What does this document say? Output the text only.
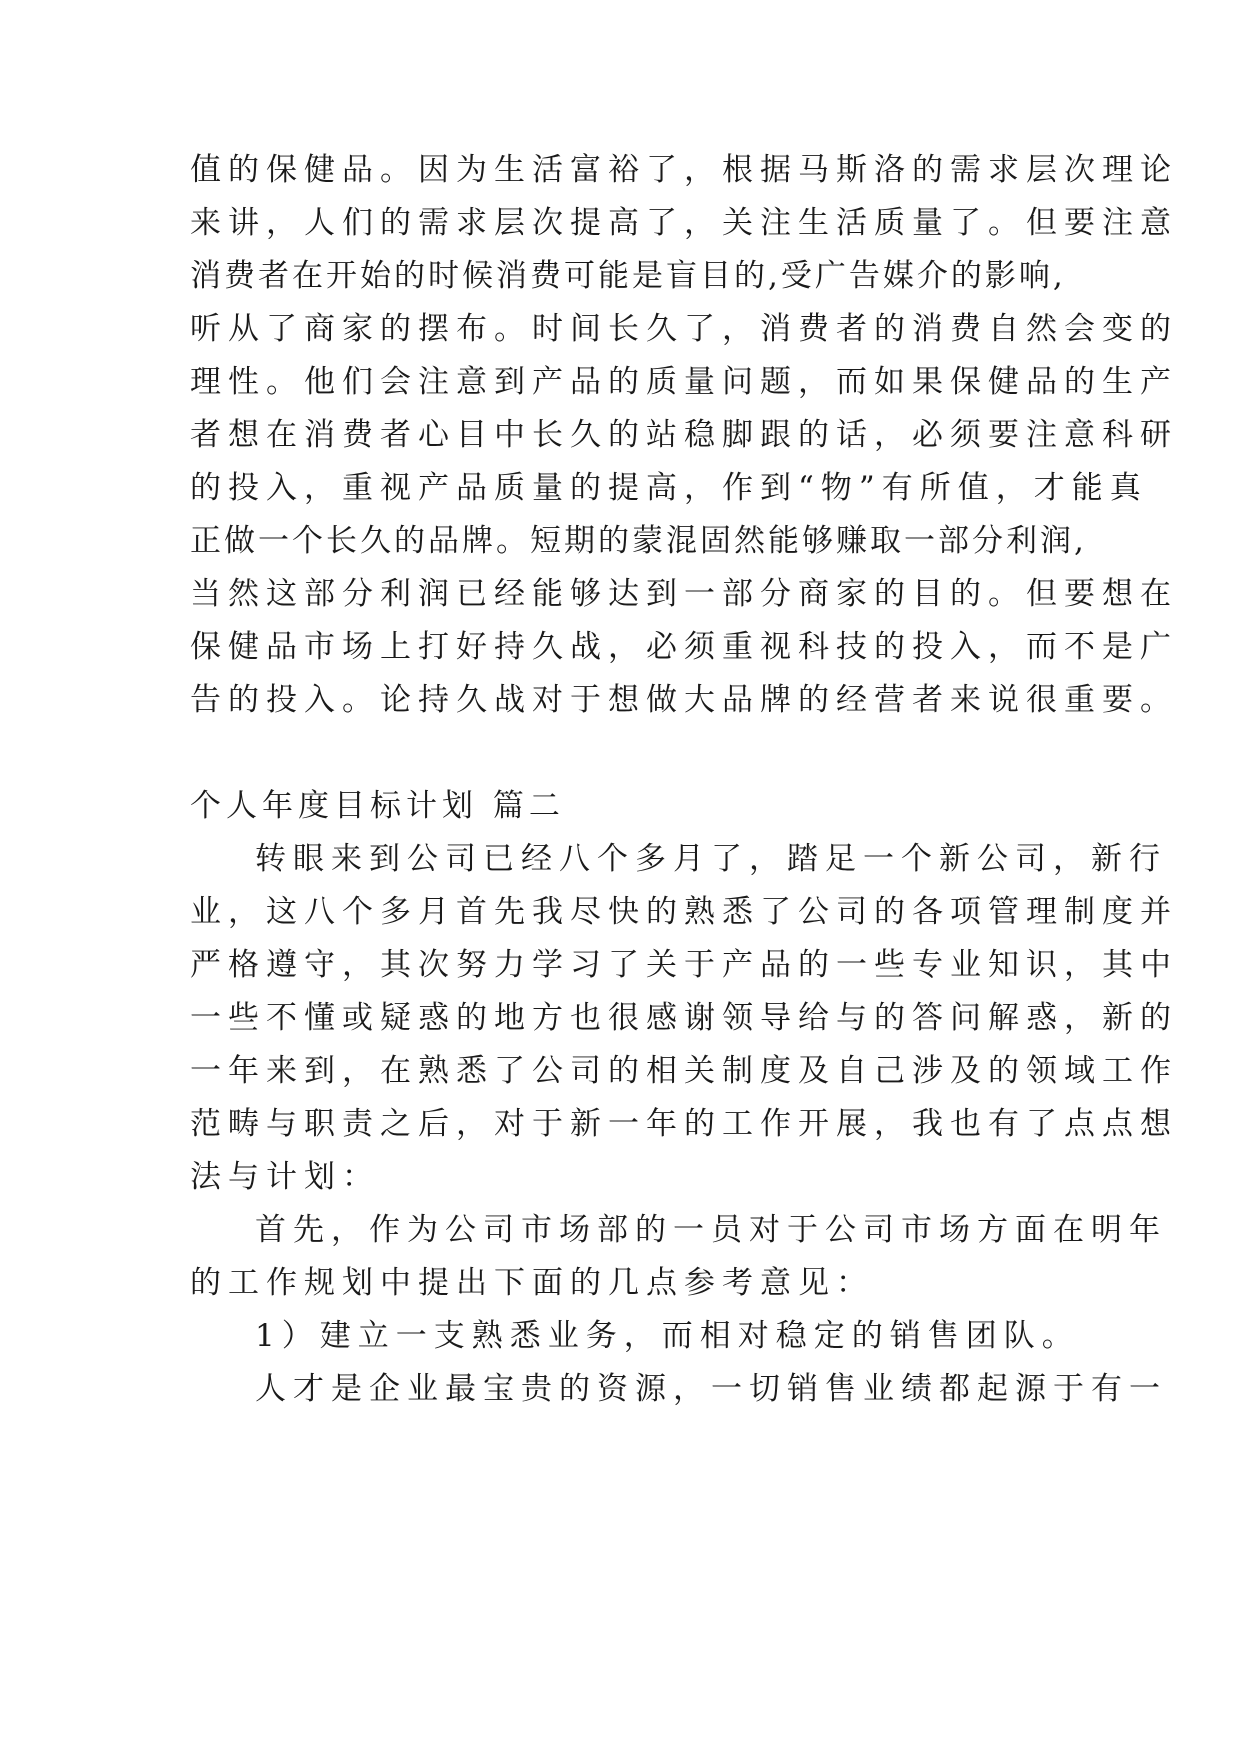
值的保健品。因为生活富裕了，根据马斯洛的需求层次理论
来讲，人们的需求层次提高了，关注生活质量了。但要注意
消费者在开始的时候消费可能是盲目的,受广告媒介的影响,
听从了商家的摆布。时间长久了，消费者的消费自然会变的
理性。他们会注意到产品的质量问题，而如果保健品的生产
者想在消费者心目中长久的站稳脚跟的话，必须要注意科研
的投入，重视产品质量的提高，作到“物”有所值，才能真
正做一个长久的品牌。短期的蒙混固然能够赚取一部分利润,
当然这部分利润已经能够达到一部分商家的目的。但要想在
保健品市场上打好持久战，必须重视科技的投入，而不是广
告的投入。论持久战对于想做大品牌的经营者来说很重要。
个人年度目标计划 篇二
转眼来到公司已经八个多月了，踏足一个新公司，新行
业，这八个多月首先我尽快的熟悉了公司的各项管理制度并
严格遵守，其次努力学习了关于产品的一些专业知识，其中
一些不懂或疑惑的地方也很感谢领导给与的答问解惑，新的
一年来到，在熟悉了公司的相关制度及自己涉及的领域工作
范畴与职责之后，对于新一年的工作开展，我也有了点点想
法与计划：
首先，作为公司市场部的一员对于公司市场方面在明年
的工作规划中提出下面的几点参考意见：
1）建立一支熟悉业务，而相对稳定的销售团队。
人才是企业最宝贵的资源，一切销售业绩都起源于有一
